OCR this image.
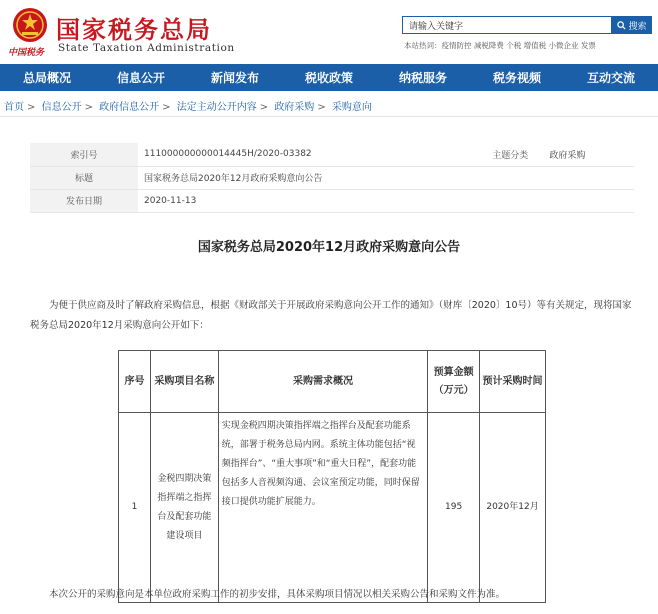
中国税务
国家税务总局
State Taxation Administration
请输入关键字	搜索
本站热词：疫情防控 减税降费 个税 增值税 小微企业 发票
总局概况	信息公开	新闻发布	税收政策	纳税服务	税务视频	互动交流
首页 > 信息公开 > 政府信息公开 > 法定主动公开内容 > 政府采购 > 采购意向
索引号	111000000000014445H/2020-03382	主题分类	政府采购
标题	国家税务总局2020年12月政府采购意向公告		
发布日期	2020-11-13		
国家税务总局2020年12月政府采购意向公告
为便于供应商及时了解政府采购信息，根据《财政部关于开展政府采购意向公开工作的通知》（财库〔2020〕10号）等有关规定，现将国家税务总局2020年12月采购意向公开如下：
序号	采购项目名称	采购需求概况	预算金额（万元）	预计采购时间
1	金税四期决策指挥端之指挥台及配套功能建设项目	实现金税四期决策指挥端之指挥台及配套功能系统，部署于税务总局内网。系统主体功能包括“视频指挥台”、“重大事项”和“重大日程”，配套功能包括多人音视频沟通、会议室预定功能，同时保留接口提供功能扩展能力。	195	2020年12月
本次公开的采购意向是本单位政府采购工作的初步安排，具体采购项目情况以相关采购公告和采购文件为准。
